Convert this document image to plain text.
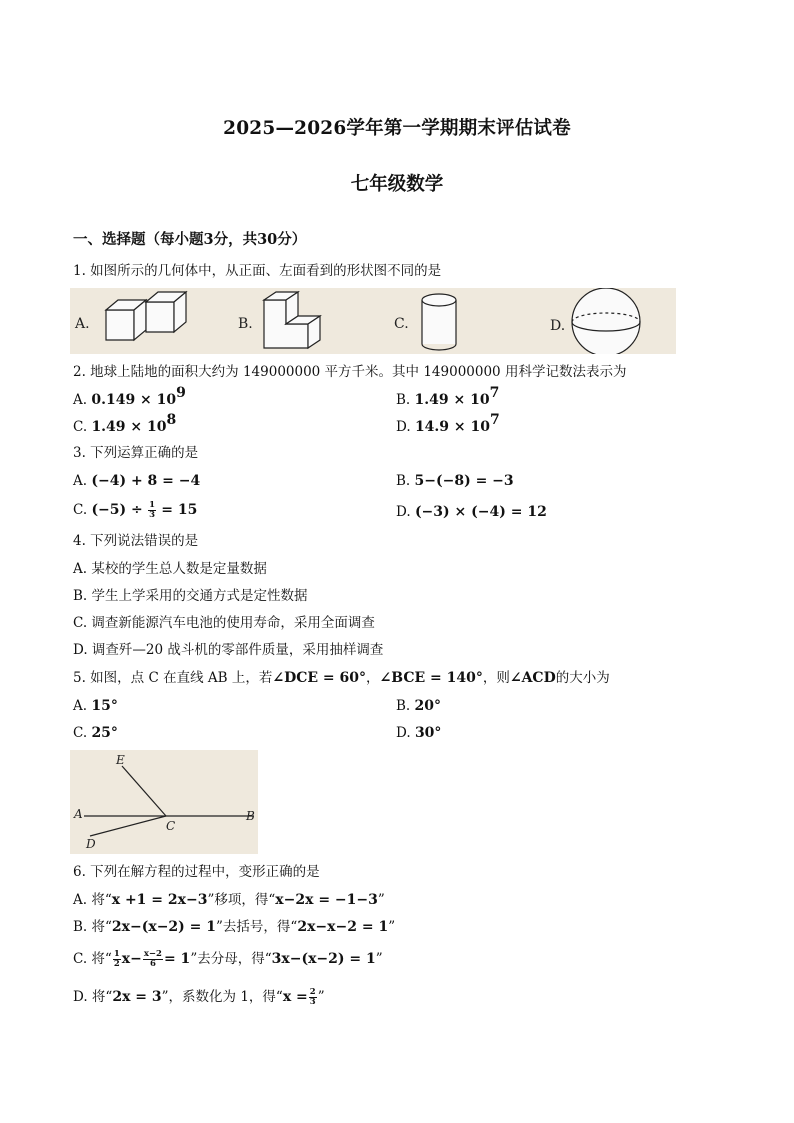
2025—2026学年第一学期期末评估试卷
七年级数学
一、选择题（每小题3分，共30分）
1. 如图所示的几何体中，从正面、左面看到的形状图不同的是
A.	B.	C.	D.
2. 地球上陆地的面积大约为 149000000 平方千米。其中 149000000 用科学记数法表示为
A. $0.149 \times 10^9$	B. $1.49 \times 10^7$
C. $1.49 \times 10^8$	D. $14.9 \times 10^7$
3. 下列运算正确的是
A. (−4) + 8 = −4	B. 5−(−8) = −3
C. $(-5) \div \frac{1}{3} = 15$	D. (−3) × (−4) = 12
4. 下列说法错误的是
A. 某校的学生总人数是定量数据
B. 学生上学采用的交通方式是定性数据
C. 调查新能源汽车电池的使用寿命，采用全面调查
D. 调查歼—20 战斗机的零部件质量，采用抽样调查
5. 如图，点 C 在直线 AB 上，若∠DCE = 60°，∠BCE = 140°，则∠ACD的大小为
A. 15°	B. 20°
C. 25°	D. 30°
E
A
C
B
D
6. 下列在解方程的过程中，变形正确的是
A. 将“x +1 = 2x−3”移项，得“x−2x = −1−3”
B. 将“2x−(x−2) = 1”去括号，得“2x−x−2 = 1”
C. 将“ $\frac{1}{2} x- \frac{x-2}{6} = 1$”去分母，得“3x−(x−2) = 1”
D. 将“2x = 3”，系数化为 1，得“$x = \frac{2}{3}$ ”
